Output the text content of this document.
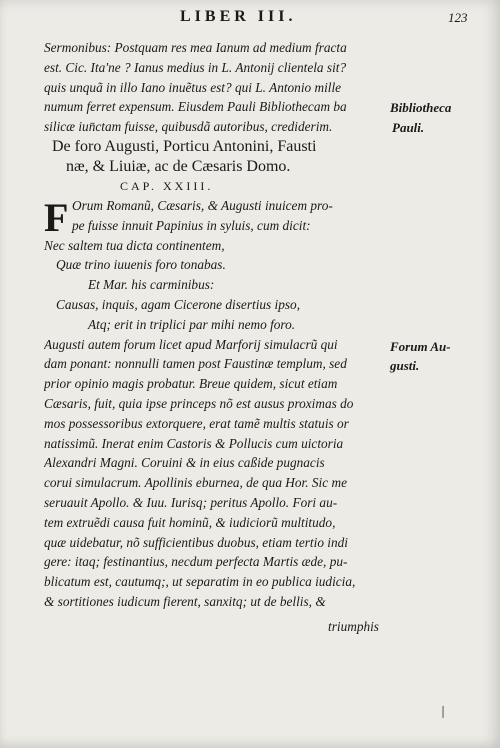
LIBER III.	123
Sermonibus: Postquam res mea Ianum ad medium fracta
est. Cic. Ita'ne ? Ianus medius in L. Antonij clientela sit?
quis unquã in illo Iano inuẽtus est? qui L. Antonio mille
numum ferret expensum. Eiusdem Pauli Bibliothecam ba
silicæ iun̄ctam fuisse, quibusdã autoribus, crediderim.
De foro Augusti, Porticu Antonini, Fausti
næ, & Liuiæ, ac de Cæsaris Domo.
CAP. XXIII.
F Orum Romanũ, Cæsaris, & Augusti inuicem pro-
pe fuisse innuit Papinius in syluis, cum dicit:
Nec saltem tua dicta continentem,
Quæ trino iuuenis foro tonabas.
Et Mar. his carminibus:
Causas, inquis, agam Cicerone disertius ipso,
Atq; erit in triplici par mihi nemo foro.
Augusti autem forum licet apud Marforij simulacrũ qui
dam ponant: nonnulli tamen post Faustinæ templum, sed
prior opinio magis probatur. Breue quidem, sicut etiam
Cæsaris, fuit, quia ipse princeps nõ est ausus proximas do
mos possessoribus extorquere, erat tamẽ multis statuis or
natissimũ. Inerat enim Castoris & Pollucis cum uictoria
Alexandri Magni. Coruini & in eius caßide pugnacis
corui simulacrum. Apollinis eburnea, de qua Hor. Sic me
seruauit Apollo. & Iuu. Iurisq; peritus Apollo. Fori au-
tem extruẽdi causa fuit hominũ, & iudiciorũ multitudo,
quæ uidebatur, nõ sufficientibus duobus, etiam tertio indi
gere: itaq; festinantius, necdum perfecta Martis æde, pu-
blicatum est, cautumq;, ut separatim in eo publica iudicia,
& sortitiones iudicum fierent, sanxitq; ut de bellis, &
triumphis
Bibliotheca
Pauli.
Forum Au-
gusti.
❘
